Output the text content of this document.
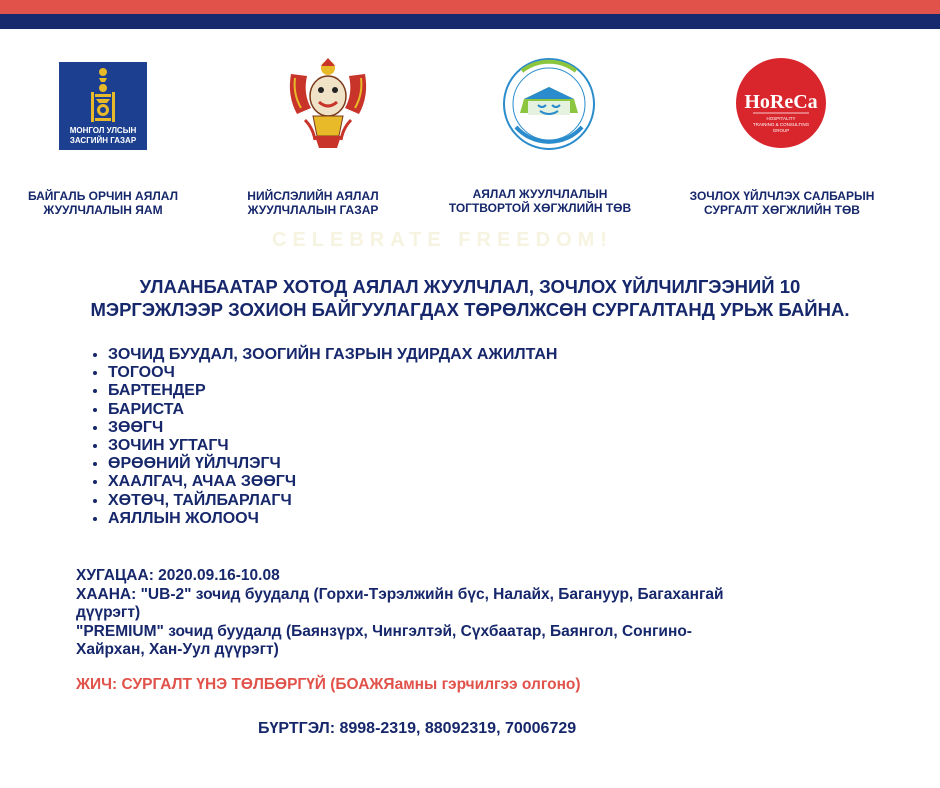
МОНГОЛ УЛСЫН
ЗАСГИЙН ГАЗАР
HoReCa
HOSPITALITY
TRAINING & CONSULTING
GROUP
БАЙГАЛЬ ОРЧИН АЯЛАЛ
ЖУУЛЧЛАЛЫН ЯАМ
НИЙСЛЭЛИЙН АЯЛАЛ
ЖУУЛЧЛАЛЫН ГАЗАР
АЯЛАЛ ЖУУЛЧЛАЛЫН
ТОГТВОРТОЙ ХӨГЖЛИЙН ТӨВ
ЗОЧЛОХ ҮЙЛЧЛЭХ САЛБАРЫН
СУРГАЛТ ХӨГЖЛИЙН ТӨВ
CELEBRATE FREEDOM!
УЛААНБААТАР ХОТОД АЯЛАЛ ЖУУЛЧЛАЛ, ЗОЧЛОХ ҮЙЛЧИЛГЭЭНИЙ 10
МЭРГЭЖЛЭЭР ЗОХИОН БАЙГУУЛАГДАХ ТӨРӨЛЖСӨН СУРГАЛТАНД УРЬЖ БАЙНА.
• ЗОЧИД БУУДАЛ, ЗООГИЙН ГАЗРЫН УДИРДАХ АЖИЛТАН
• ТОГООЧ
• БАРТЕНДЕР
• БАРИСТА
• ЗӨӨГЧ
• ЗОЧИН УГТАГЧ
• ӨРӨӨНИЙ ҮЙЛЧЛЭГЧ
• ХААЛГАЧ, АЧАА ЗӨӨГЧ
• ХӨТӨЧ, ТАЙЛБАРЛАГЧ
• АЯЛЛЫН ЖОЛООЧ
ХУГАЦАА: 2020.09.16-10.08
ХААНА: "UB-2" зочид буудалд (Горхи-Тэрэлжийн бүс, Налайх, Багануур, Багахангай
дүүрэгт)
"PREMIUM" зочид буудалд (Баянзүрх, Чингэлтэй, Сүхбаатар, Баянгол, Сонгино-
Хайрхан, Хан-Уул дүүрэгт)
ЖИЧ: СУРГАЛТ ҮНЭ ТӨЛБӨРГҮЙ (БОАЖЯамны гэрчилгээ олгоно)
БҮРТГЭЛ: 8998-2319, 88092319, 70006729
